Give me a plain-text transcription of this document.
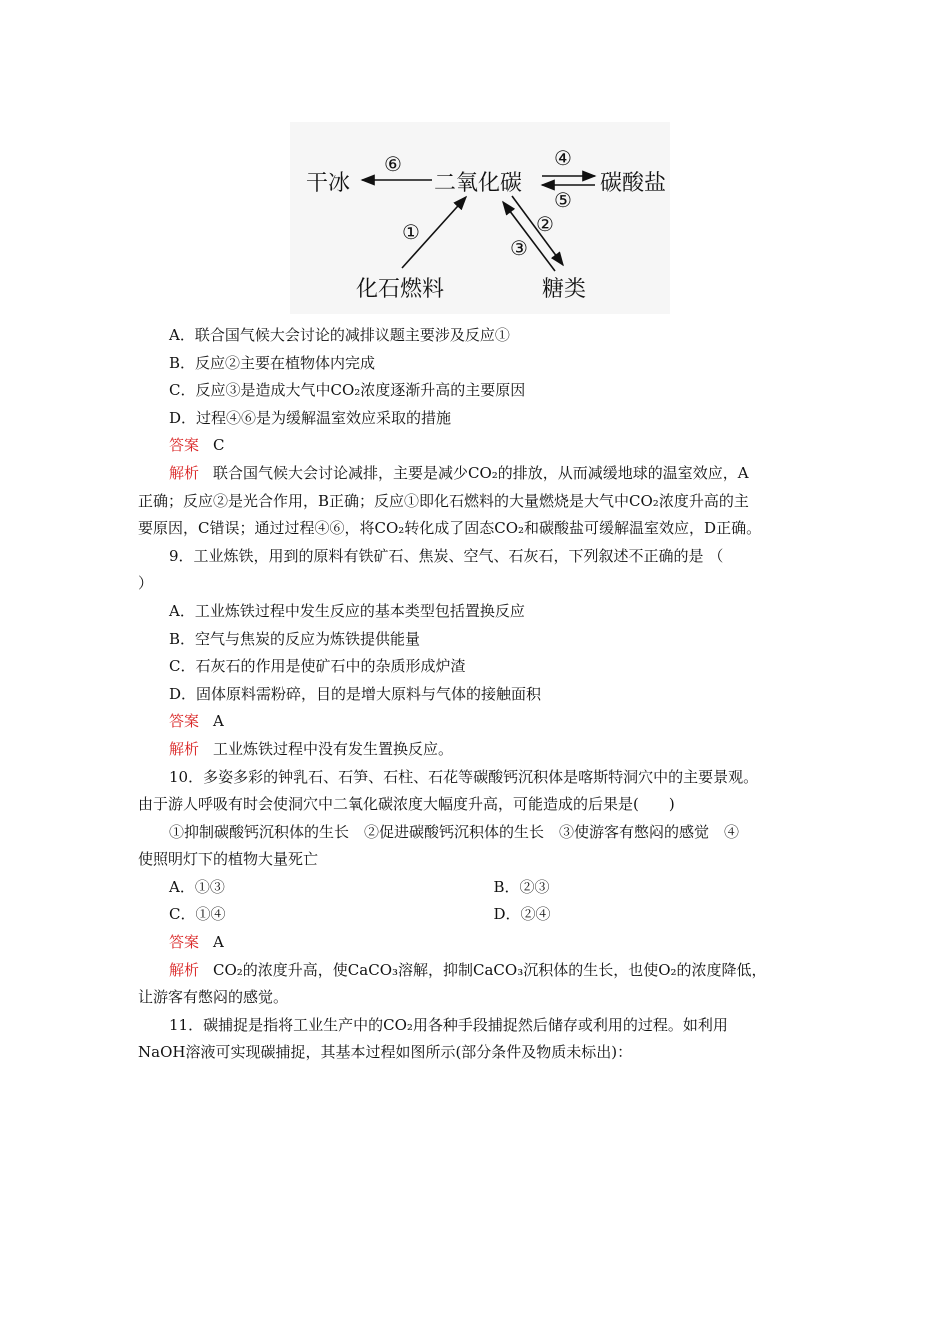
干冰
⑥
二氧化碳
④
⑤
碳酸盐
①	②
③
化石燃料	糖类
A．联合国气候大会讨论的减排议题主要涉及反应①
B．反应②主要在植物体内完成
C．反应③是造成大气中CO₂浓度逐渐升高的主要原因
D．过程④⑥是为缓解温室效应采取的措施
答案 C
解析 联合国气候大会讨论减排，主要是减少CO₂的排放，从而减缓地球的温室效应，A
正确；反应②是光合作用，B正确；反应①即化石燃料的大量燃烧是大气中CO₂浓度升高的主
要原因，C错误；通过过程④⑥，将CO₂转化成了固态CO₂和碳酸盐可缓解温室效应，D正确。
9．工业炼铁，用到的原料有铁矿石、焦炭、空气、石灰石，下列叙述不正确的是 （
）
A．工业炼铁过程中发生反应的基本类型包括置换反应
B．空气与焦炭的反应为炼铁提供能量
C．石灰石的作用是使矿石中的杂质形成炉渣
D．固体原料需粉碎，目的是增大原料与气体的接触面积
答案 A
解析 工业炼铁过程中没有发生置换反应。
10．多姿多彩的钟乳石、石笋、石柱、石花等碳酸钙沉积体是喀斯特洞穴中的主要景观。
由于游人呼吸有时会使洞穴中二氧化碳浓度大幅度升高，可能造成的后果是(　　)
①抑制碳酸钙沉积体的生长　②促进碳酸钙沉积体的生长　③使游客有憋闷的感觉　④
使照明灯下的植物大量死亡
A．①③	B．②③
C．①④	D．②④
答案 A
解析 CO₂的浓度升高，使CaCO₃溶解，抑制CaCO₃沉积体的生长，也使O₂的浓度降低，
让游客有憋闷的感觉。
11．碳捕捉是指将工业生产中的CO₂用各种手段捕捉然后储存或利用的过程。如利用
NaOH溶液可实现碳捕捉，其基本过程如图所示(部分条件及物质未标出)：
